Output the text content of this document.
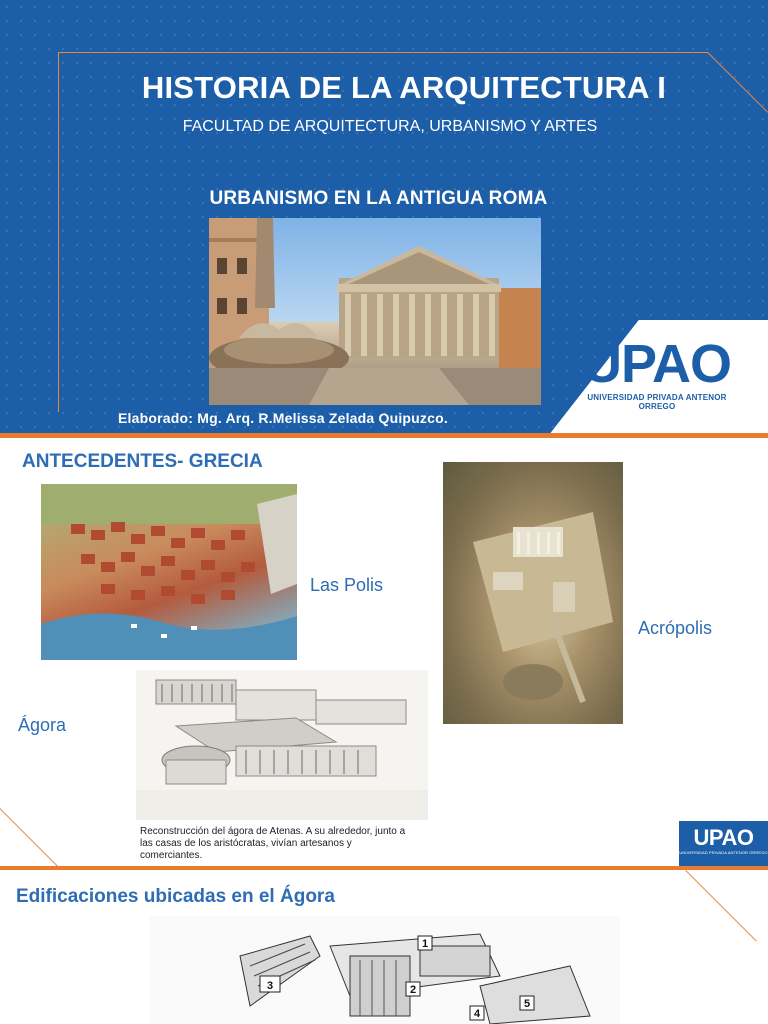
HISTORIA DE LA ARQUITECTURA I
FACULTAD DE ARQUITECTURA, URBANISMO Y ARTES
URBANISMO EN LA ANTIGUA ROMA
Elaborado: Mg. Arq. R.Melissa Zelada Quipuzco.
UPAO
UNIVERSIDAD PRIVADA ANTENOR ORREGO
ANTECEDENTES- GRECIA
Las Polis
Acrópolis
Ágora
Reconstrucción del ágora de Atenas. A su alrededor, junto a las casas de los aristócratas, vivían artesanos y comerciantes.
UPAO
UNIVERSIDAD PRIVADA ANTENOR ORREGO
Edificaciones ubicadas en el Ágora
3	2
5
1
4
